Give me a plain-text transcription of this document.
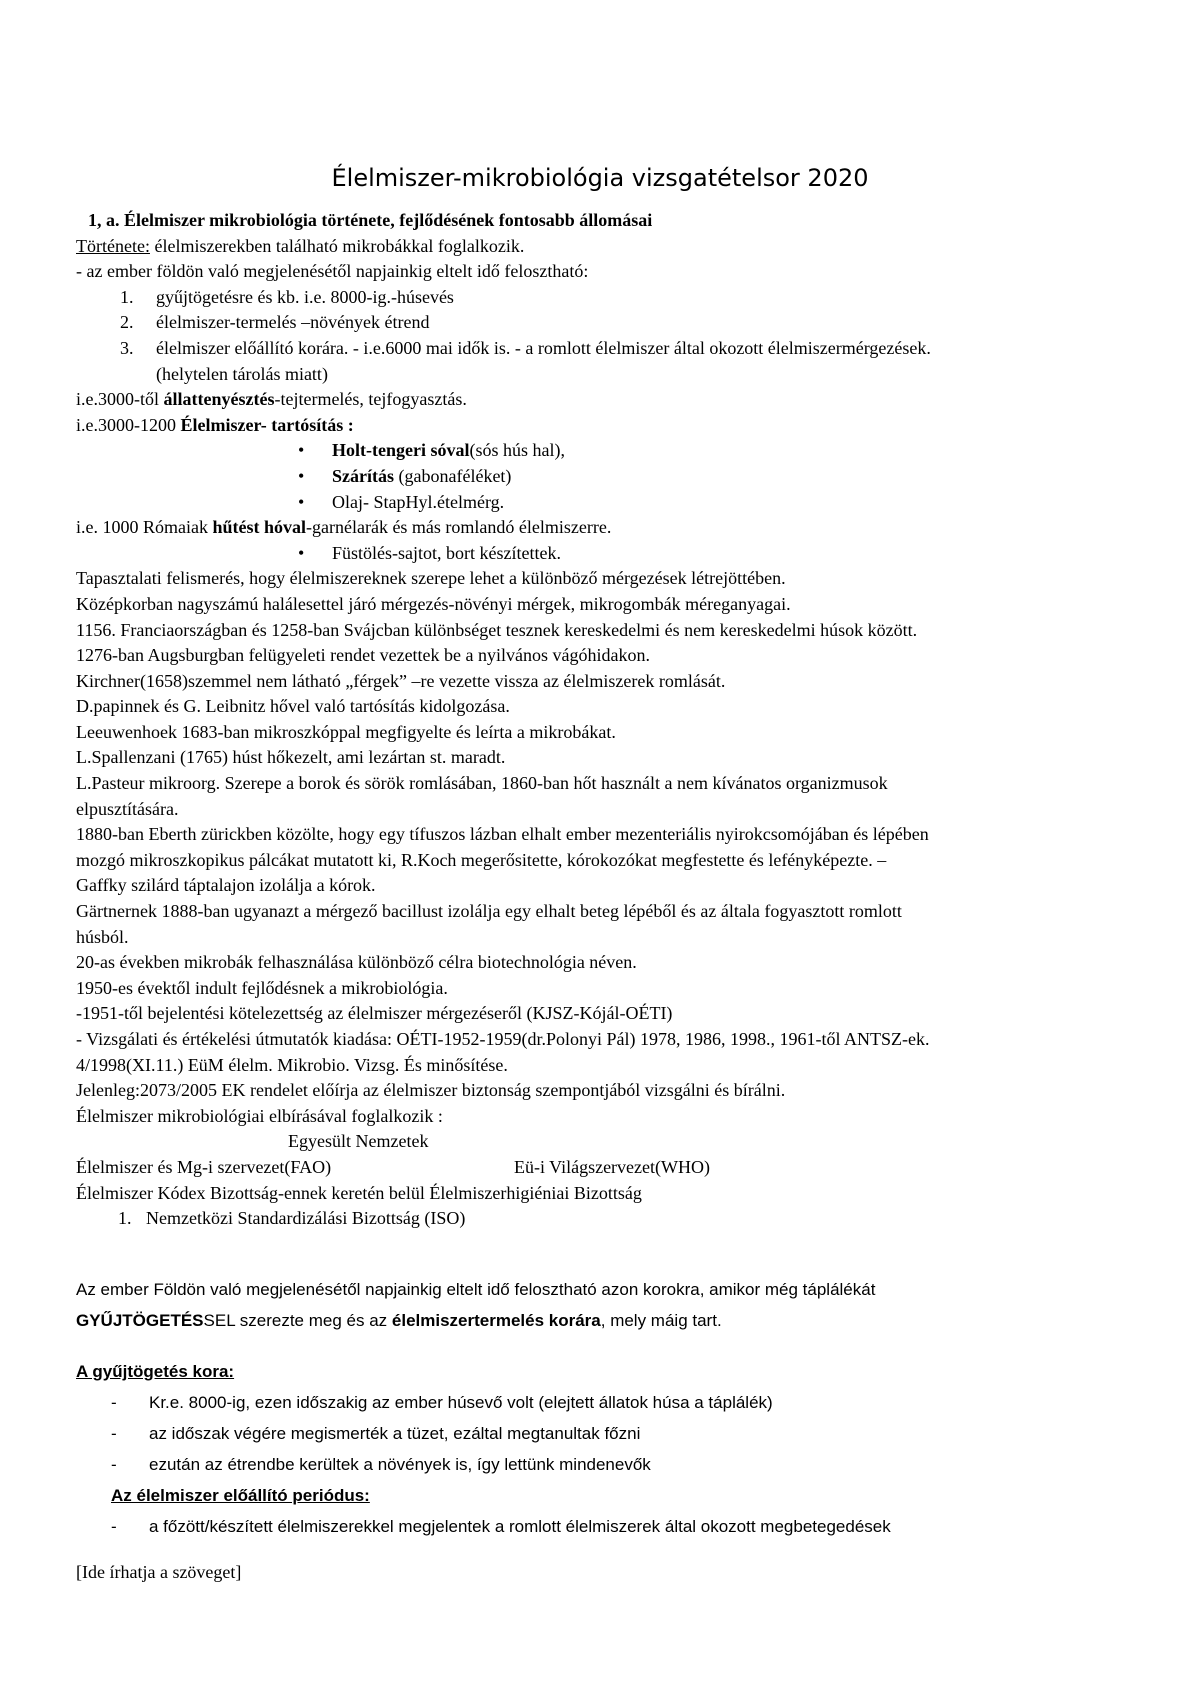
Élelmiszer-mikrobiológia vizsgatételsor 2020
1, a. Élelmiszer mikrobiológia története, fejlődésének fontosabb állomásai
Története: élelmiszerekben található mikrobákkal foglalkozik.
- az ember földön való megjelenésétől napjainkig eltelt idő felosztható:
1. gyűjtögetésre és kb. i.e. 8000-ig.-húsevés
2. élelmiszer-termelés –növények étrend
3. élelmiszer előállító korára. - i.e.6000 mai idők is. - a romlott élelmiszer által okozott élelmiszermérgezések.
(helytelen tárolás miatt)
i.e.3000-től állattenyésztés-tejtermelés, tejfogyasztás.
i.e.3000-1200 Élelmiszer- tartósítás :
• Holt-tengeri sóval(sós hús hal),
• Szárítás (gabonaféléket)
• Olaj- StapHyl.ételmérg.
i.e. 1000 Rómaiak hűtést hóval-garnélarák és más romlandó élelmiszerre.
• Füstölés-sajtot, bort készítettek.
Tapasztalati felismerés, hogy élelmiszereknek szerepe lehet a különböző mérgezések létrejöttében.
Középkorban nagyszámú halálesettel járó mérgezés-növényi mérgek, mikrogombák méreganyagai.
1156. Franciaországban és 1258-ban Svájcban különbséget tesznek kereskedelmi és nem kereskedelmi húsok között.
1276-ban Augsburgban felügyeleti rendet vezettek be a nyilvános vágóhidakon.
Kirchner(1658)szemmel nem látható „férgek” –re vezette vissza az élelmiszerek romlását.
D.papinnek és G. Leibnitz hővel való tartósítás kidolgozása.
Leeuwenhoek 1683-ban mikroszkóppal megfigyelte és leírta a mikrobákat.
L.Spallenzani (1765) húst hőkezelt, ami lezártan st. maradt.
L.Pasteur mikroorg. Szerepe a borok és sörök romlásában, 1860-ban hőt használt a nem kívánatos organizmusok
elpusztítására.
1880-ban Eberth zürickben közölte, hogy egy tífuszos lázban elhalt ember mezenteriális nyirokcsomójában és lépében
mozgó mikroszkopikus pálcákat mutatott ki, R.Koch megerősitette, kórokozókat megfestette és lefényképezte. –
Gaffky szilárd táptalajon izolálja a kórok.
Gärtnernek 1888-ban ugyanazt a mérgező bacillust izolálja egy elhalt beteg lépéből és az általa fogyasztott romlott
húsból.
20-as években mikrobák felhasználása különböző célra biotechnológia néven.
1950-es évektől indult fejlődésnek a mikrobiológia.
-1951-től bejelentési kötelezettség az élelmiszer mérgezéseről (KJSZ-Kójál-OÉTI)
- Vizsgálati és értékelési útmutatók kiadása: OÉTI-1952-1959(dr.Polonyi Pál) 1978, 1986, 1998., 1961-től ANTSZ-ek.
4/1998(XI.11.) EüM élelm. Mikrobio. Vizsg. És minősítése.
Jelenleg:2073/2005 EK rendelet előírja az élelmiszer biztonság szempontjából vizsgálni és bírálni.
Élelmiszer mikrobiológiai elbírásával foglalkozik :
Egyesült Nemzetek
Élelmiszer és Mg-i szervezet(FAO)	Eü-i Világszervezet(WHO)
Élelmiszer Kódex Bizottság-ennek keretén belül Élelmiszerhigiéniai Bizottság
1. Nemzetközi Standardizálási Bizottság (ISO)
Az ember Földön való megjelenésétől napjainkig eltelt idő felosztható azon korokra, amikor még táplálékát
GYŰJTÖGETÉSSEL szerezte meg és az élelmiszertermelés korára, mely máig tart.
A gyűjtögetés kora:
- Kr.e. 8000-ig, ezen időszakig az ember húsevő volt (elejtett állatok húsa a táplálék)
- az időszak végére megismerték a tüzet, ezáltal megtanultak főzni
- ezután az étrendbe kerültek a növények is, így lettünk mindenevők
Az élelmiszer előállító periódus:
- a főzött/készített élelmiszerekkel megjelentek a romlott élelmiszerek által okozott megbetegedések
[Ide írhatja a szöveget]
